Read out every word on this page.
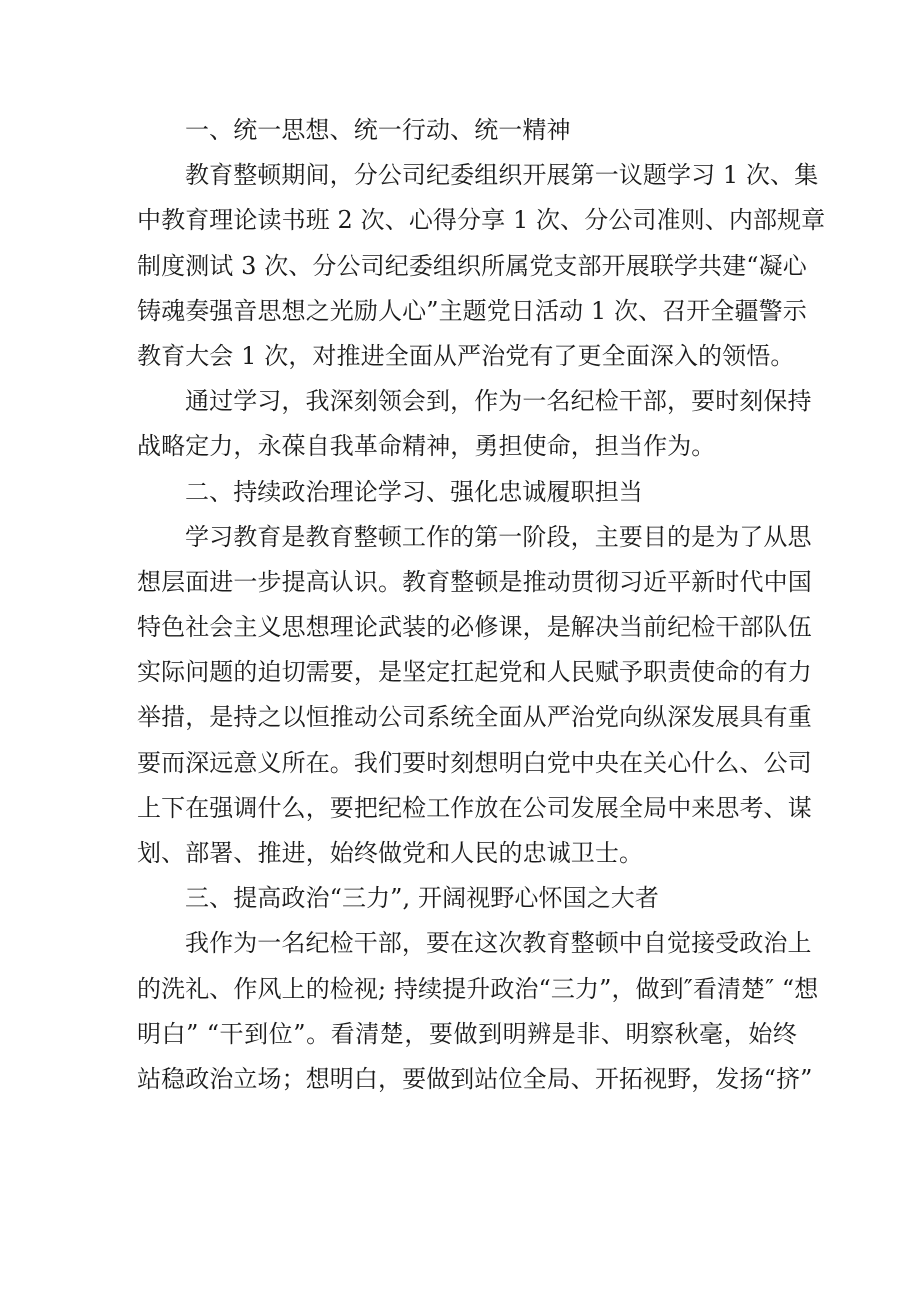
一、统一思想、统一行动、统一精神
教育整顿期间，分公司纪委组织开展第一议题学习 1 次、集
中教育理论读书班 2 次、心得分享 1 次、分公司准则、内部规章
制度测试 3 次、分公司纪委组织所属党支部开展联学共建“凝心
铸魂奏强音思想之光励人心”主题党日活动 1 次、召开全疆警示
教育大会 1 次，对推进全面从严治党有了更全面深入的领悟。
通过学习，我深刻领会到，作为一名纪检干部，要时刻保持
战略定力，永葆自我革命精神，勇担使命，担当作为。
二、持续政治理论学习、强化忠诚履职担当
学习教育是教育整顿工作的第一阶段，主要目的是为了从思
想层面进一步提高认识。教育整顿是推动贯彻习近平新时代中国
特色社会主义思想理论武装的必修课，是解决当前纪检干部队伍
实际问题的迫切需要，是坚定扛起党和人民赋予职责使命的有力
举措，是持之以恒推动公司系统全面从严治党向纵深发展具有重
要而深远意义所在。我们要时刻想明白党中央在关心什么、公司
上下在强调什么，要把纪检工作放在公司发展全局中来思考、谋
划、部署、推进，始终做党和人民的忠诚卫士。
三、提高政治“三力”, 开阔视野心怀国之大者
我作为一名纪检干部，要在这次教育整顿中自觉接受政治上
的洗礼、作风上的检视; 持续提升政治“三力”，做到″看清楚″ “想
明白” “干到位”。看清楚，要做到明辨是非、明察秋毫，始终
站稳政治立场；想明白，要做到站位全局、开拓视野，发扬“挤”
